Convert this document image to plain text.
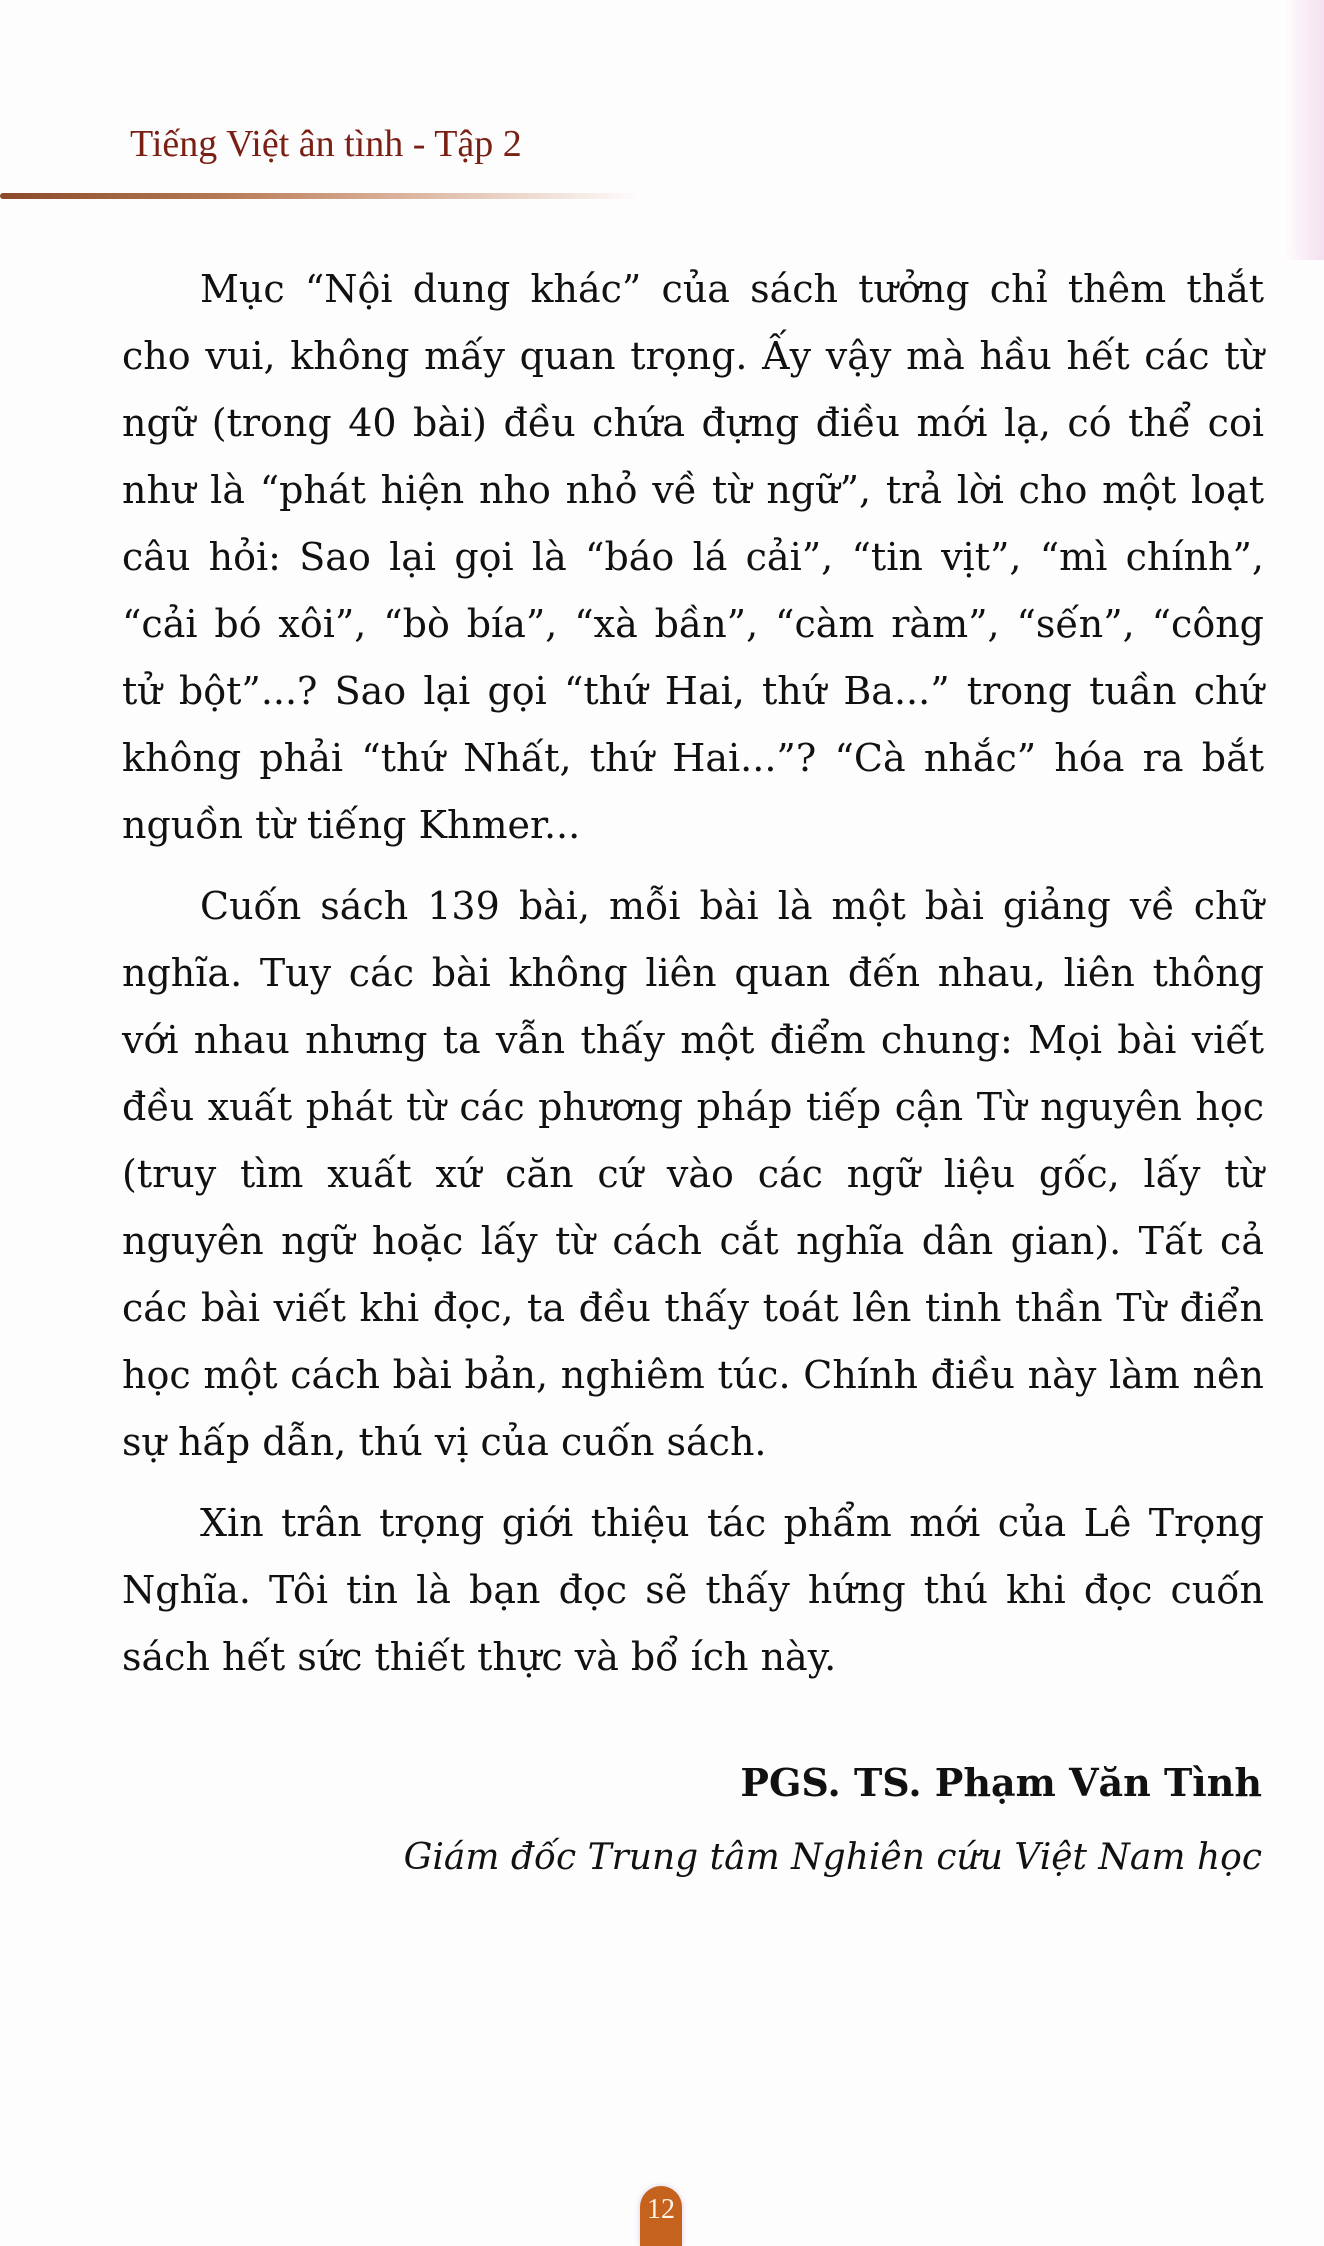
Tiếng Việt ân tình - Tập 2

Mục “Nội dung khác” của sách tưởng chỉ thêm thắt cho vui, không mấy quan trọng. Ấy vậy mà hầu hết các từ ngữ (trong 40 bài) đều chứa đựng điều mới lạ, có thể coi như là “phát hiện nho nhỏ về từ ngữ”, trả lời cho một loạt câu hỏi: Sao lại gọi là “báo lá cải”, “tin vịt”, “mì chính”, “cải bó xôi”, “bò bía”, “xà bần”, “càm ràm”, “sến”, “công tử bột”...? Sao lại gọi “thứ Hai, thứ Ba...” trong tuần chứ không phải “thứ Nhất, thứ Hai...”? “Cà nhắc” hóa ra bắt nguồn từ tiếng Khmer...

Cuốn sách 139 bài, mỗi bài là một bài giảng về chữ nghĩa. Tuy các bài không liên quan đến nhau, liên thông với nhau nhưng ta vẫn thấy một điểm chung: Mọi bài viết đều xuất phát từ các phương pháp tiếp cận Từ nguyên học (truy tìm xuất xứ căn cứ vào các ngữ liệu gốc, lấy từ nguyên ngữ hoặc lấy từ cách cắt nghĩa dân gian). Tất cả các bài viết khi đọc, ta đều thấy toát lên tinh thần Từ điển học một cách bài bản, nghiêm túc. Chính điều này làm nên sự hấp dẫn, thú vị của cuốn sách.

Xin trân trọng giới thiệu tác phẩm mới của Lê Trọng Nghĩa. Tôi tin là bạn đọc sẽ thấy hứng thú khi đọc cuốn sách hết sức thiết thực và bổ ích này.

PGS. TS. Phạm Văn Tình
Giám đốc Trung tâm Nghiên cứu Việt Nam học
12
